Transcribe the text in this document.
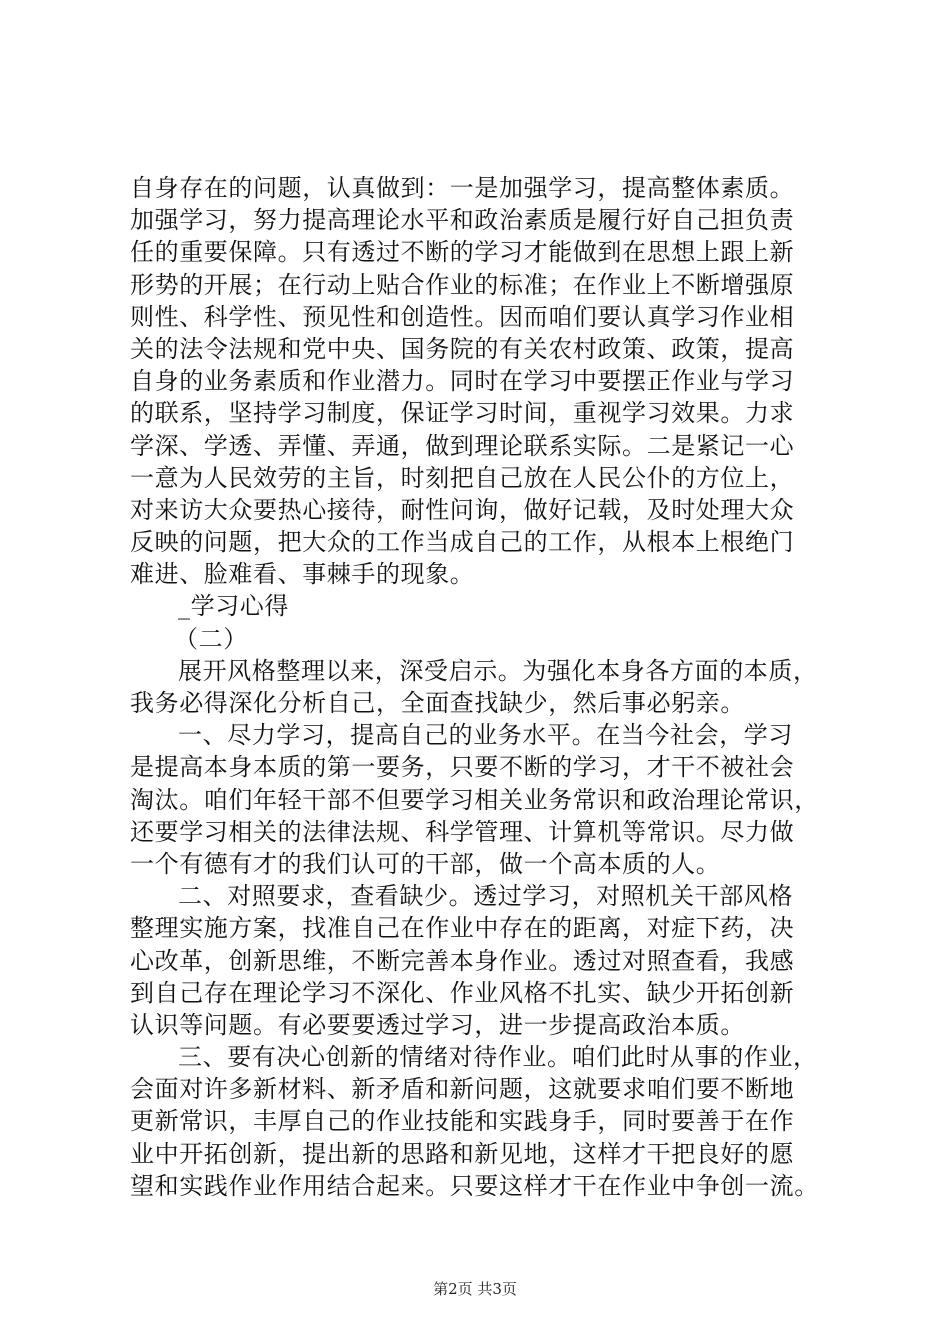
自身存在的问题，认真做到：一是加强学习，提高整体素质。
加强学习，努力提高理论水平和政治素质是履行好自己担负责
任的重要保障。只有透过不断的学习才能做到在思想上跟上新
形势的开展；在行动上贴合作业的标准；在作业上不断增强原
则性、科学性、预见性和创造性。因而咱们要认真学习作业相
关的法令法规和党中央、国务院的有关农村政策、政策，提高
自身的业务素质和作业潜力。同时在学习中要摆正作业与学习
的联系，坚持学习制度，保证学习时间，重视学习效果。力求
学深、学透、弄懂、弄通，做到理论联系实际。二是紧记一心
一意为人民效劳的主旨，时刻把自己放在人民公仆的方位上，
对来访大众要热心接待，耐性问询，做好记载，及时处理大众
反映的问题，把大众的工作当成自己的工作，从根本上根绝门
难进、脸难看、事棘手的现象。
_学习心得
（二）
展开风格整理以来，深受启示。为强化本身各方面的本质，
我务必得深化分析自己，全面查找缺少，然后事必躬亲。
一、尽力学习，提高自己的业务水平。在当今社会，学习
是提高本身本质的第一要务，只要不断的学习，才干不被社会
淘汰。咱们年轻干部不但要学习相关业务常识和政治理论常识，
还要学习相关的法律法规、科学管理、计算机等常识。尽力做
一个有德有才的我们认可的干部，做一个高本质的人。
二、对照要求，查看缺少。透过学习，对照机关干部风格
整理实施方案，找准自己在作业中存在的距离，对症下药，决
心改革，创新思维，不断完善本身作业。透过对照查看，我感
到自己存在理论学习不深化、作业风格不扎实、缺少开拓创新
认识等问题。有必要要透过学习，进一步提高政治本质。
三、要有决心创新的情绪对待作业。咱们此时从事的作业，
会面对许多新材料、新矛盾和新问题，这就要求咱们要不断地
更新常识，丰厚自己的作业技能和实践身手，同时要善于在作
业中开拓创新，提出新的思路和新见地，这样才干把良好的愿
望和实践作业作用结合起来。只要这样才干在作业中争创一流。
第2页 共3页
